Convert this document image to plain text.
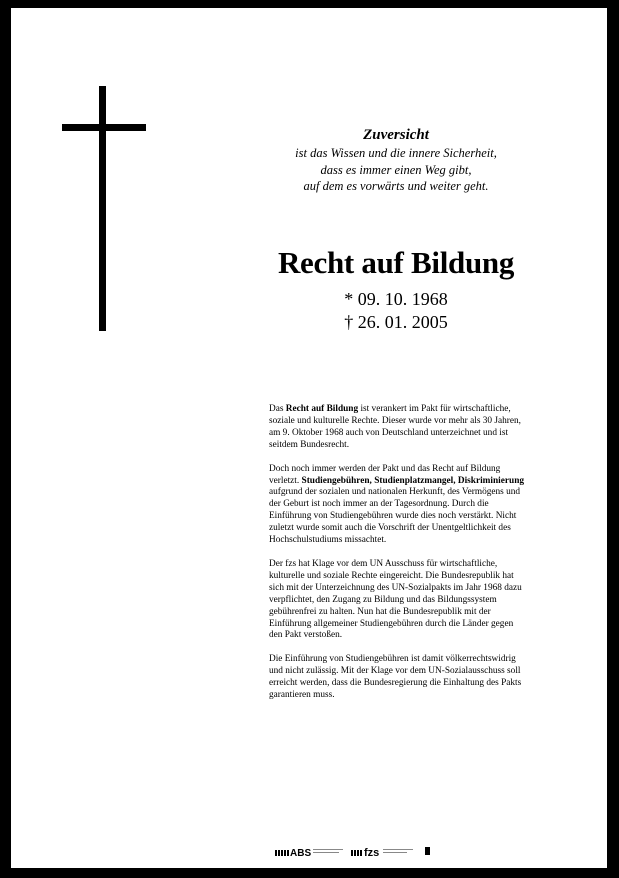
Zuversicht
ist das Wissen und die innere Sicherheit,
dass es immer einen Weg gibt,
auf dem es vorwärts und weiter geht.
Recht auf Bildung
* 09. 10. 1968
† 26. 01. 2005

Das Recht auf Bildung ist verankert im Pakt für wirtschaftliche, soziale und kulturelle Rechte. Dieser wurde vor mehr als 30 Jahren, am 9. Oktober 1968 auch von Deutschland unterzeichnet und ist seitdem Bundesrecht.

Doch noch immer werden der Pakt und das Recht auf Bildung verletzt. Studiengebühren, Studienplatzmangel, Diskriminierung aufgrund der sozialen und nationalen Herkunft, des Vermögens und der Geburt ist noch immer an der Tagesordnung. Durch die Einführung von Studiengebühren wurde dies noch verstärkt. Nicht zuletzt wurde somit auch die Vorschrift der Unentgeltlichkeit des Hochschulstudiums missachtet.

Der fzs hat Klage vor dem UN Ausschuss für wirtschaftliche, kulturelle und soziale Rechte eingereicht. Die Bundesrepublik hat sich mit der Unterzeichnung des UN-Sozialpakts im Jahr 1968 dazu verpflichtet, den Zugang zu Bildung und das Bildungssystem gebührenfrei zu halten. Nun hat die Bundesrepublik mit der Einführung allgemeiner Studiengebühren durch die Länder gegen den Pakt verstoßen.

Die Einführung von Studiengebühren ist damit völkerrechtswidrig und nicht zulässig. Mit der Klage vor dem UN-Sozialausschuss soll erreicht werden, dass die Bundesregierung die Einhaltung des Pakts garantieren muss.

ABS	fzs
